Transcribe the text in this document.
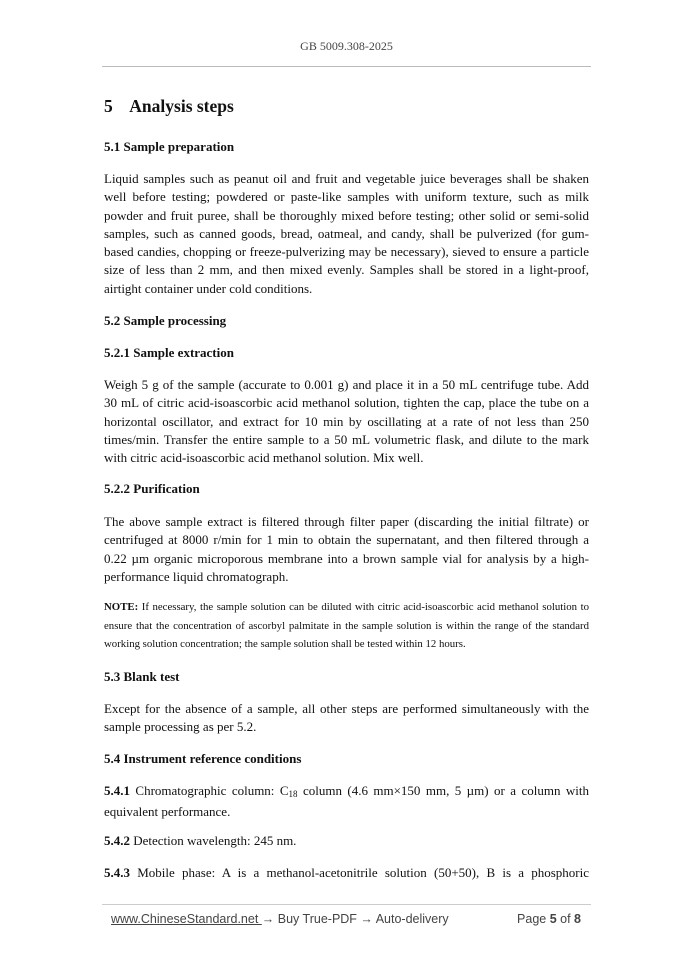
GB 5009.308-2025
5    Analysis steps
5.1 Sample preparation
Liquid samples such as peanut oil and fruit and vegetable juice beverages shall be shaken well before testing; powdered or paste-like samples with uniform texture, such as milk powder and fruit puree, shall be thoroughly mixed before testing; other solid or semi-solid samples, such as canned goods, bread, oatmeal, and candy, shall be pulverized (for gum-based candies, chopping or freeze-pulverizing may be necessary), sieved to ensure a particle size of less than 2 mm, and then mixed evenly. Samples shall be stored in a light-proof, airtight container under cold conditions.
5.2 Sample processing
5.2.1 Sample extraction
Weigh 5 g of the sample (accurate to 0.001 g) and place it in a 50 mL centrifuge tube. Add 30 mL of citric acid-isoascorbic acid methanol solution, tighten the cap, place the tube on a horizontal oscillator, and extract for 10 min by oscillating at a rate of not less than 250 times/min. Transfer the entire sample to a 50 mL volumetric flask, and dilute to the mark with citric acid-isoascorbic acid methanol solution. Mix well.
5.2.2 Purification
The above sample extract is filtered through filter paper (discarding the initial filtrate) or centrifuged at 8000 r/min for 1 min to obtain the supernatant, and then filtered through a 0.22 µm organic microporous membrane into a brown sample vial for analysis by a high-performance liquid chromatograph.
NOTE: If necessary, the sample solution can be diluted with citric acid-isoascorbic acid methanol solution to ensure that the concentration of ascorbyl palmitate in the sample solution is within the range of the standard working solution concentration; the sample solution shall be tested within 12 hours.
5.3 Blank test
Except for the absence of a sample, all other steps are performed simultaneously with the sample processing as per 5.2.
5.4 Instrument reference conditions
5.4.1 Chromatographic column: $C_{18}$ column (4.6 mm×150 mm, 5 µm) or a column with equivalent performance.
5.4.2 Detection wavelength: 245 nm.
5.4.3 Mobile phase: A is a methanol-acetonitrile solution (50+50), B is a phosphoric
www.ChineseStandard.net → Buy True-PDF → Auto-delivery	Page 5 of 8
